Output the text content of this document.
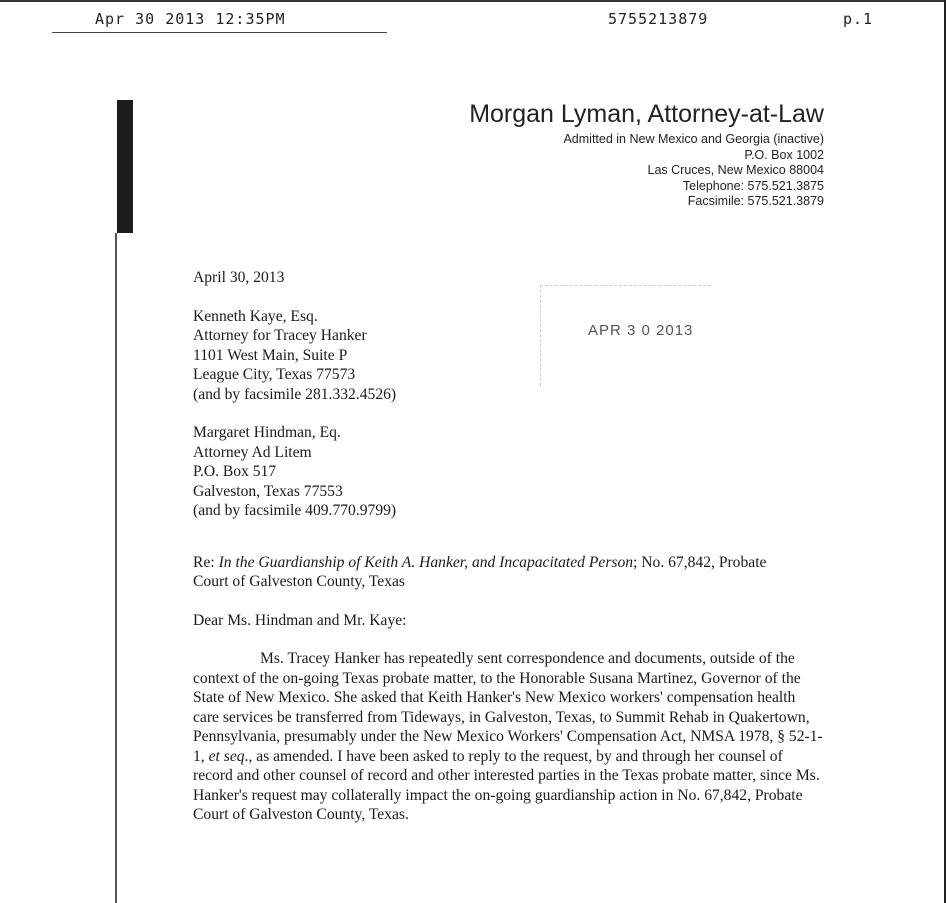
Apr 30 2013 12:35PM	5755213879	p.1
Morgan Lyman, Attorney-at-Law
Admitted in New Mexico and Georgia (inactive)
P.O. Box 1002
Las Cruces, New Mexico 88004
Telephone: 575.521.3875
Facsimile: 575.521.3879
APR 3 0 2013

April 30, 2013

Kenneth Kaye, Esq.

Attorney for Tracey Hanker

1101 West Main, Suite P

League City, Texas 77573

(and by facsimile 281.332.4526)

Margaret Hindman, Eq.

Attorney Ad Litem

P.O. Box 517

Galveston, Texas 77553

(and by facsimile 409.770.9799)

Re: In the Guardianship of Keith A. Hanker, and Incapacitated Person; No. 67,842, Probate Court of Galveston County, Texas

Dear Ms. Hindman and Mr. Kaye:

Ms. Tracey Hanker has repeatedly sent correspondence and documents, outside of the context of the on-going Texas probate matter, to the Honorable Susana Martinez, Governor of the State of New Mexico. She asked that Keith Hanker's New Mexico workers' compensation health care services be transferred from Tideways, in Galveston, Texas, to Summit Rehab in Quakertown, Pennsylvania, presumably under the New Mexico Workers' Compensation Act, NMSA 1978, § 52-1-1, et seq., as amended. I have been asked to reply to the request, by and through her counsel of record and other counsel of record and other interested parties in the Texas probate matter, since Ms. Hanker's request may collaterally impact the on-going guardianship action in No. 67,842, Probate Court of Galveston County, Texas.
